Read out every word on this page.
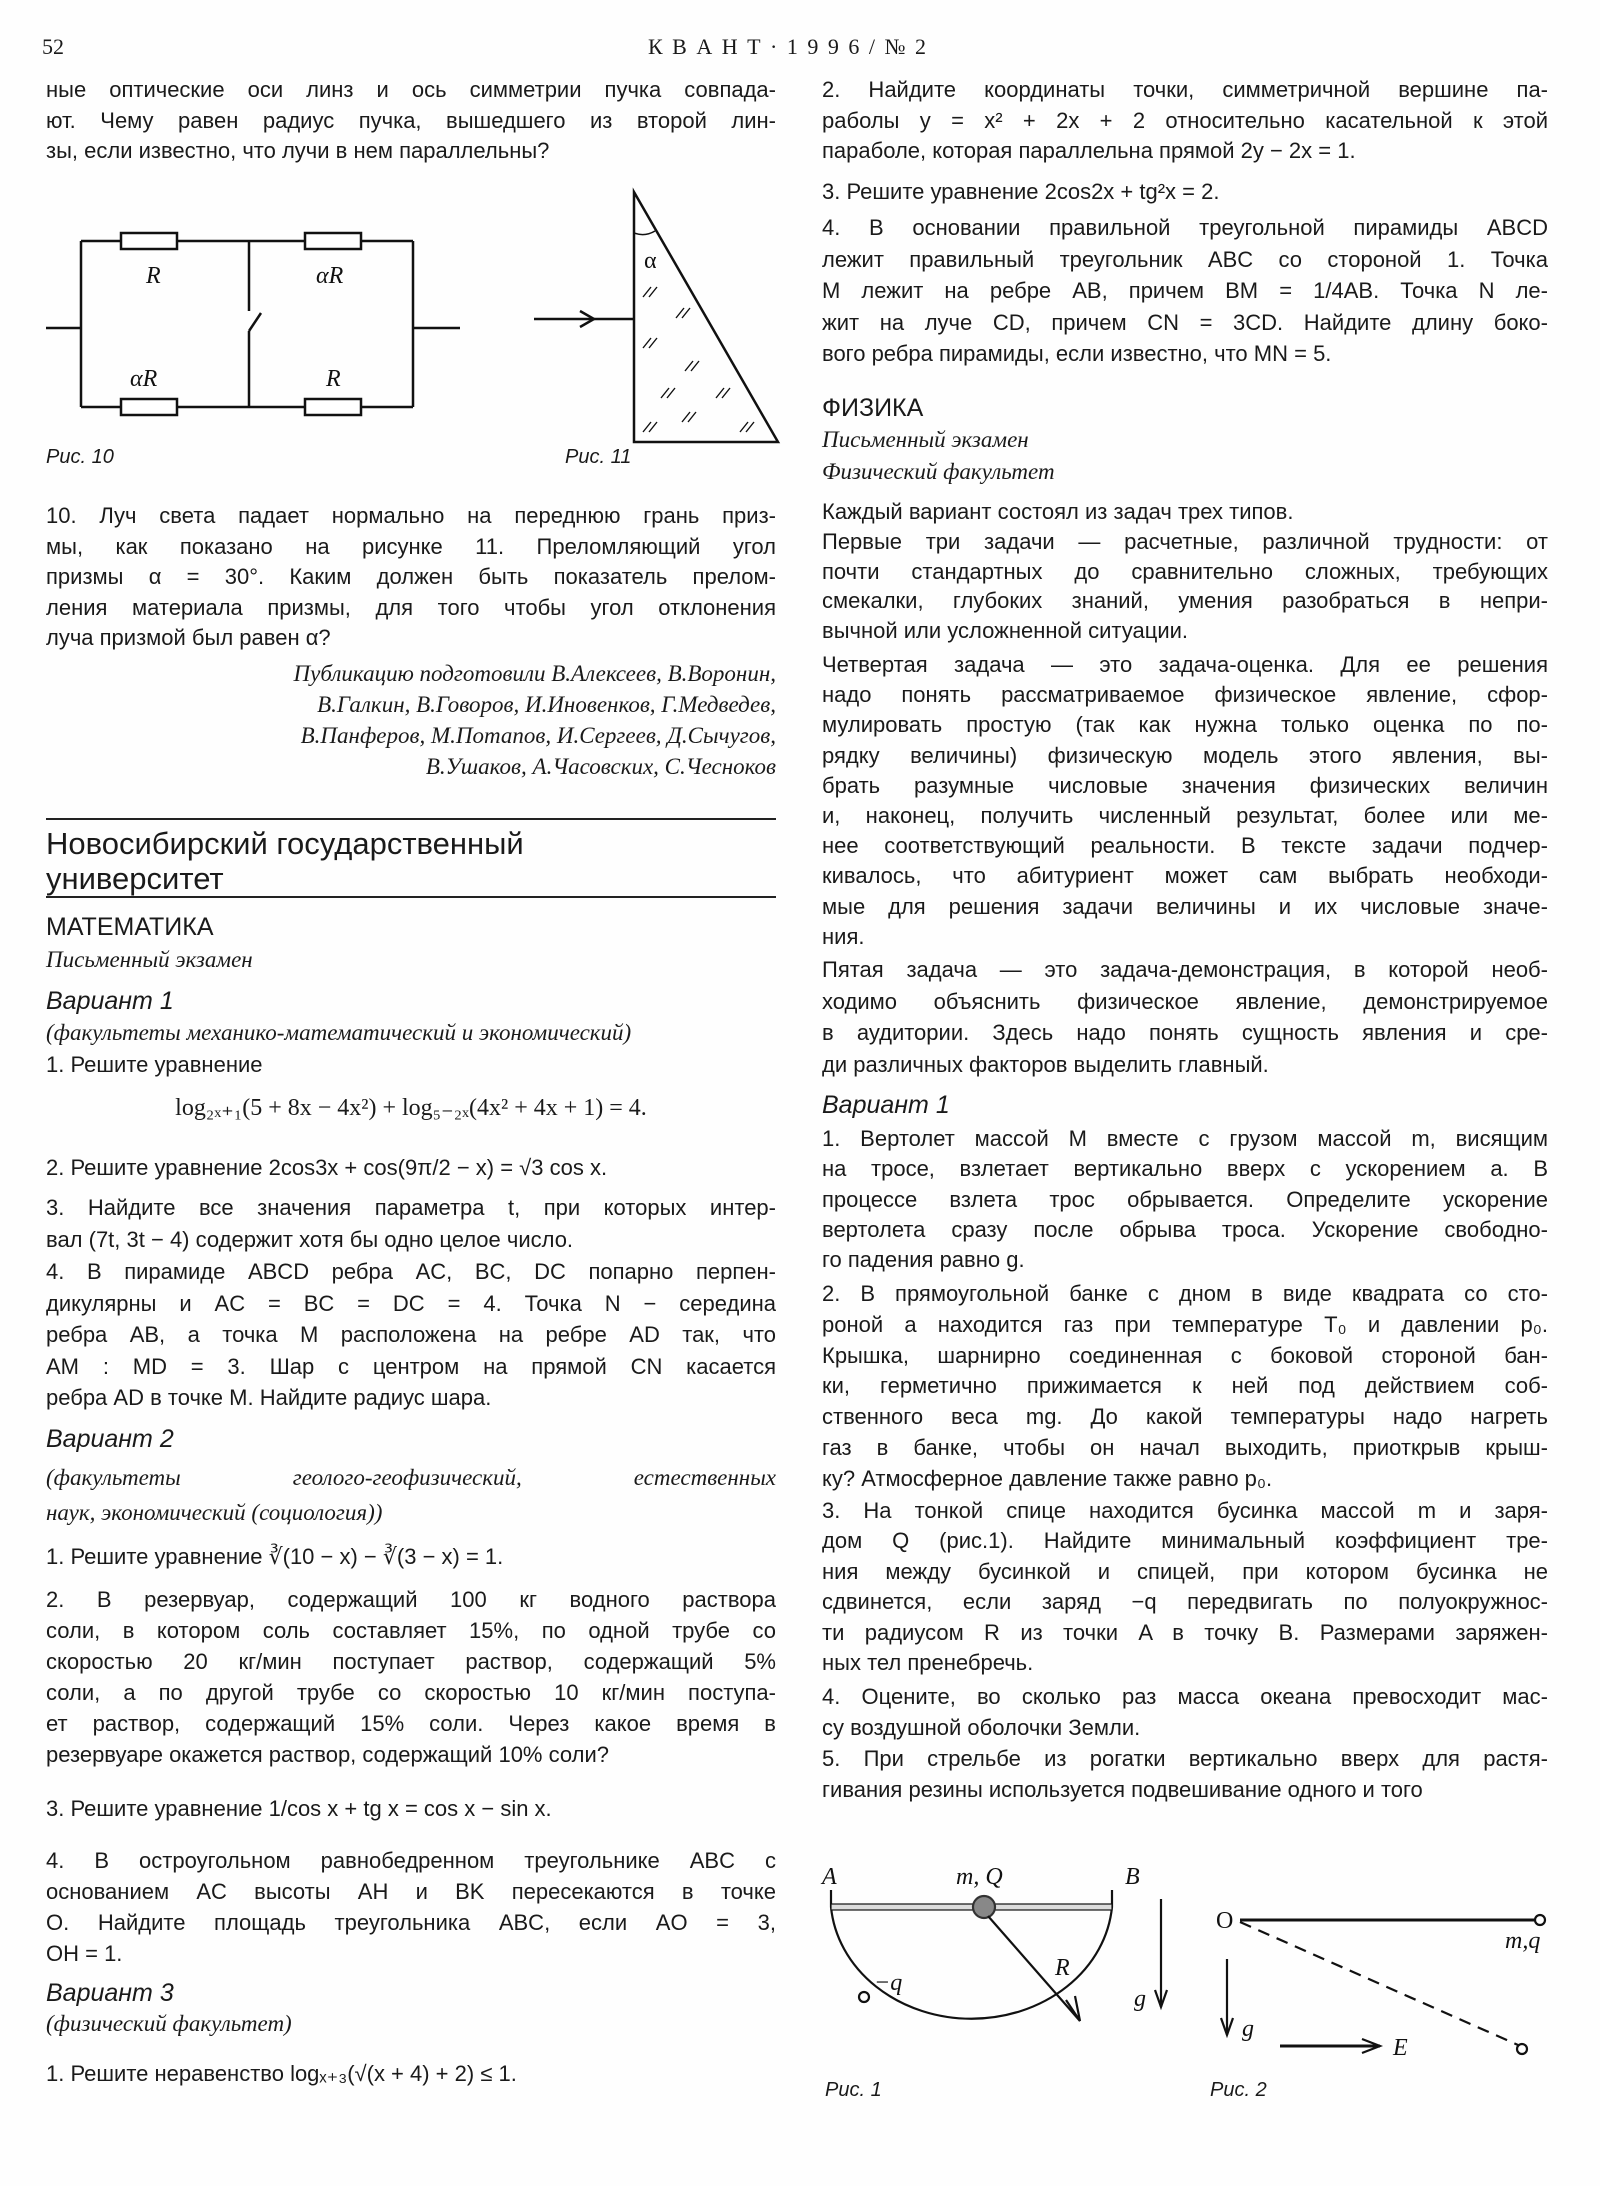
52	К В А Н Т · 1 9 9 6 / № 2
ные оптические оси линз и ось симметрии пучка совпада-
ют. Чему равен радиус пучка, вышедшего из второй лин-
зы, если известно, что лучи в нем параллельны?
R	αR
αR	R
α
Рис. 10	Рис. 11
10. Луч света падает нормально на переднюю грань приз-
мы, как показано на рисунке 11. Преломляющий угол
призмы α = 30°. Каким должен быть показатель прелом-
ления материала призмы, для того чтобы угол отклонения
луча призмой был равен α?
Публикацию подготовили В.Алексеев, В.Воронин,
В.Галкин, В.Говоров, И.Иновенков, Г.Медведев,
В.Панферов, М.Потапов, И.Сергеев, Д.Сычугов,
В.Ушаков, А.Часовских, С.Чесноков
Новосибирский государственный
университет
МАТЕМАТИКА
Письменный экзамен
Вариант 1
(факультеты механико-математический и экономический)
1. Решите уравнение
log₂ₓ₊₁(5 + 8x − 4x²) + log₅₋₂ₓ(4x² + 4x + 1) = 4.
2. Решите уравнение 2cos3x + cos(9π/2 − x) = √3 cos x.
3. Найдите все значения параметра t, при которых интер-
вал (7t, 3t − 4) содержит хотя бы одно целое число.
4. В пирамиде ABCD ребра AC, BC, DC попарно перпен-
дикулярны и AC = BC = DC = 4. Точка N − середина
ребра AB, а точка M расположена на ребре AD так, что
AM : MD = 3. Шар с центром на прямой CN касается
ребра AD в точке M. Найдите радиус шара.
Вариант 2
(факультеты геолого-геофизический, естественных
наук, экономический (социология))
1. Решите уравнение ∛(10 − x) − ∛(3 − x) = 1.
2. В резервуар, содержащий 100 кг водного раствора
соли, в котором соль составляет 15%, по одной трубе со
скоростью 20 кг/мин поступает раствор, содержащий 5%
соли, а по другой трубе со скоростью 10 кг/мин поступа-
ет раствор, содержащий 15% соли. Через какое время в
резервуаре окажется раствор, содержащий 10% соли?
3. Решите уравнение 1/cos x + tg x = cos x − sin x.
4. В остроугольном равнобедренном треугольнике ABC с
основанием AC высоты AH и BK пересекаются в точке
O. Найдите площадь треугольника ABC, если AO = 3,
OH = 1.
Вариант 3
(физический факультет)
1. Решите неравенство logₓ₊₃(√(x + 4) + 2) ≤ 1.
2. Найдите координаты точки, симметричной вершине па-
раболы y = x² + 2x + 2 относительно касательной к этой
параболе, которая параллельна прямой 2y − 2x = 1.
3. Решите уравнение 2cos2x + tg²x = 2.
4. В основании правильной треугольной пирамиды ABCD
лежит правильный треугольник ABC со стороной 1. Точка
M лежит на ребре AB, причем BM = 1/4AB. Точка N ле-
жит на луче CD, причем CN = 3CD. Найдите длину боко-
вого ребра пирамиды, если известно, что MN = 5.
ФИЗИКА
Письменный экзамен
Физический факультет
Каждый вариант состоял из задач трех типов.
Первые три задачи — расчетные, различной трудности: от
почти стандартных до сравнительно сложных, требующих
смекалки, глубоких знаний, умения разобраться в непри-
вычной или усложненной ситуации.
Четвертая задача — это задача-оценка. Для ее решения
надо понять рассматриваемое физическое явление, сфор-
мулировать простую (так как нужна только оценка по по-
рядку величины) физическую модель этого явления, вы-
брать разумные числовые значения физических величин
и, наконец, получить численный результат, более или ме-
нее соответствующий реальности. В тексте задачи подчер-
кивалось, что абитуриент может сам выбрать необходи-
мые для решения задачи величины и их числовые значе-
ния.
Пятая задача — это задача-демонстрация, в которой необ-
ходимо объяснить физическое явление, демонстрируемое
в аудитории. Здесь надо понять сущность явления и сре-
ди различных факторов выделить главный.
Вариант 1
1. Вертолет массой M вместе с грузом массой m, висящим
на тросе, взлетает вертикально вверх с ускорением a. В
процессе взлета трос обрывается. Определите ускорение
вертолета сразу после обрыва троса. Ускорение свободно-
го падения равно g.
2. В прямоугольной банке с дном в виде квадрата со сто-
роной a находится газ при температуре T₀ и давлении p₀.
Крышка, шарнирно соединенная с боковой стороной бан-
ки, герметично прижимается к ней под действием соб-
ственного веса mg. До какой температуры надо нагреть
газ в банке, чтобы он начал выходить, приоткрыв крыш-
ку? Атмосферное давление также равно p₀.
3. На тонкой спице находится бусинка массой m и заря-
дом Q (рис.1). Найдите минимальный коэффициент тре-
ния между бусинкой и спицей, при котором бусинка не
сдвинется, если заряд −q передвигать по полуокружнос-
ти радиусом R из точки A в точку B. Размерами заряжен-
ных тел пренебречь.
4. Оцените, во сколько раз масса океана превосходит мас-
су воздушной оболочки Земли.
5. При стрельбе из рогатки вертикально вверх для растя-
гивания резины используется подвешивание одного и того
A	B
m, Q
−q
R
g
O
m,q
g
E
Рис. 1	Рис. 2
